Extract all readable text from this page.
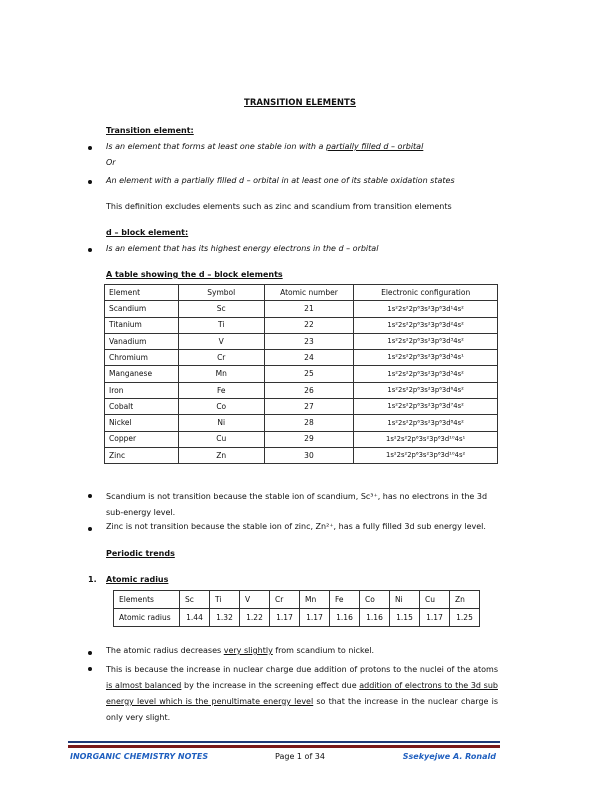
TRANSITION ELEMENTS
Transition element:
Is an element that forms at least one stable ion with a partially filled d – orbital
Or
An element with a partially filled d – orbital in at least one of its stable oxidation states
This definition excludes elements such as zinc and scandium from transition elements
d – block element:
Is an element that has its highest energy electrons in the d – orbital
A table showing the d – block elements
Element	Symbol	Atomic number	Electronic configuration
Scandium	Sc	21	1s²2s²2p⁶3s²3p⁶3d¹4s²
Titanium	Ti	22	1s²2s²2p⁶3s²3p⁶3d²4s²
Vanadium	V	23	1s²2s²2p⁶3s²3p⁶3d³4s²
Chromium	Cr	24	1s²2s²2p⁶3s²3p⁶3d⁵4s¹
Manganese	Mn	25	1s²2s²2p⁶3s²3p⁶3d⁵4s²
Iron	Fe	26	1s²2s²2p⁶3s²3p⁶3d⁶4s²
Cobalt	Co	27	1s²2s²2p⁶3s²3p⁶3d⁷4s²
Nickel	Ni	28	1s²2s²2p⁶3s²3p⁶3d⁸4s²
Copper	Cu	29	1s²2s²2p⁶3s²3p⁶3d¹⁰4s¹
Zinc	Zn	30	1s²2s²2p⁶3s²3p⁶3d¹⁰4s²
Scandium is not transition because the stable ion of scandium, Sc³⁺, has no electrons in the 3d sub-energy level.
Zinc is not transition because the stable ion of zinc, Zn²⁺, has a fully filled 3d sub energy level.
Periodic trends
1. Atomic radius
Elements	Sc	Ti	V	Cr	Mn	Fe	Co	Ni	Cu	Zn
Atomic radius	1.44	1.32	1.22	1.17	1.17	1.16	1.16	1.15	1.17	1.25
The atomic radius decreases very slightly from scandium to nickel.
This is because the increase in nuclear charge due addition of protons to the nuclei of the atoms is almost balanced by the increase in the screening effect due addition of electrons to the 3d sub energy level which is the penultimate energy level so that the increase in the nuclear charge is only very slight.
Page 1 of 34
INORGANIC CHEMISTRY NOTES	Ssekyejwe A. Ronald
